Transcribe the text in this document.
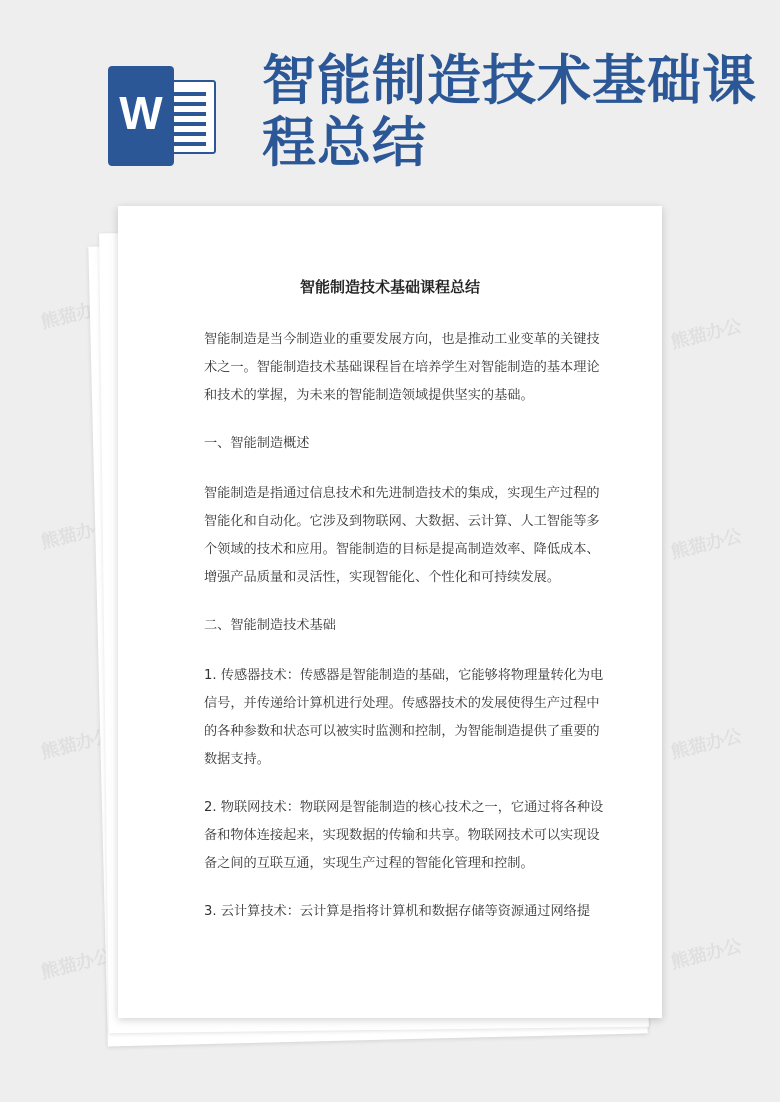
熊猫办公
熊猫办公
熊猫办公	熊猫办公
熊猫办公	熊猫办公
熊猫办公	熊猫办公
W
智能制造技术基础课程总结
智能制造技术基础课程总结

智能制造是当今制造业的重要发展方向，也是推动工业变革的关键技术之一。智能制造技术基础课程旨在培养学生对智能制造的基本理论和技术的掌握，为未来的智能制造领域提供坚实的基础。

一、智能制造概述

智能制造是指通过信息技术和先进制造技术的集成，实现生产过程的智能化和自动化。它涉及到物联网、大数据、云计算、人工智能等多个领域的技术和应用。智能制造的目标是提高制造效率、降低成本、增强产品质量和灵活性，实现智能化、个性化和可持续发展。

二、智能制造技术基础

1. 传感器技术：传感器是智能制造的基础，它能够将物理量转化为电信号，并传递给计算机进行处理。传感器技术的发展使得生产过程中的各种参数和状态可以被实时监测和控制，为智能制造提供了重要的数据支持。

2. 物联网技术：物联网是智能制造的核心技术之一，它通过将各种设备和物体连接起来，实现数据的传输和共享。物联网技术可以实现设备之间的互联互通，实现生产过程的智能化管理和控制。

3. 云计算技术：云计算是指将计算机和数据存储等资源通过网络提
